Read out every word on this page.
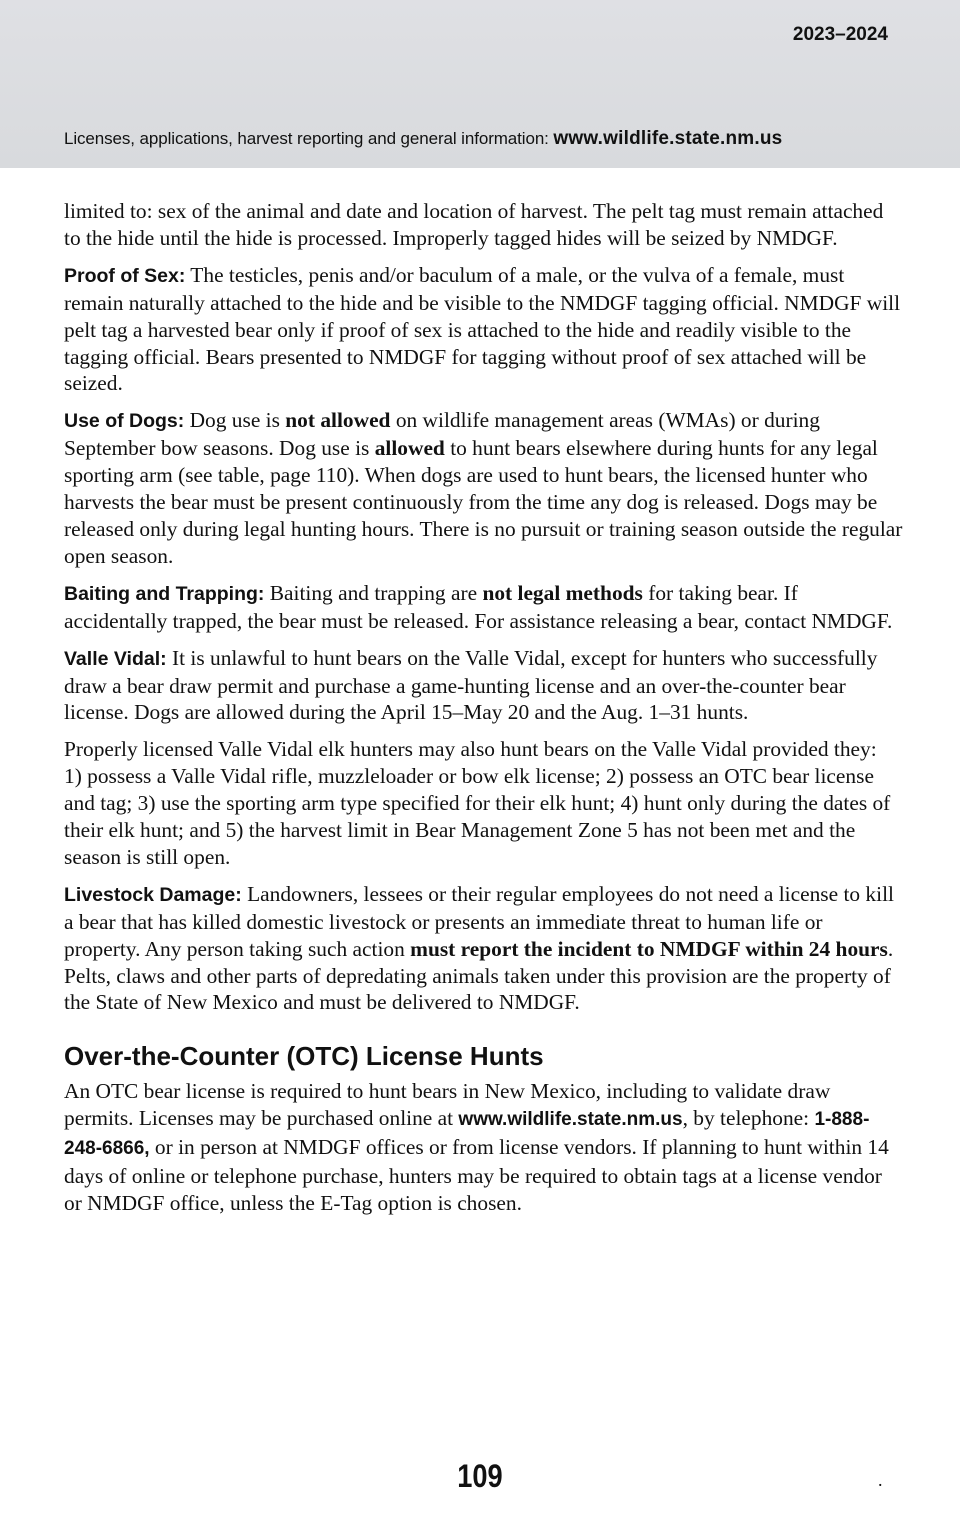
2023–2024
Licenses, applications, harvest reporting and general information: www.wildlife.state.nm.us

limited to: sex of the animal and date and location of harvest. The pelt tag must remain attached to the hide until the hide is processed. Improperly tagged hides will be seized by NMDGF.

Proof of Sex: The testicles, penis and/or baculum of a male, or the vulva of a female, must remain naturally attached to the hide and be visible to the NMDGF tagging official. NMDGF will pelt tag a harvested bear only if proof of sex is attached to the hide and readily visible to the tagging official. Bears presented to NMDGF for tagging without proof of sex attached will be seized.

Use of Dogs: Dog use is not allowed on wildlife management areas (WMAs) or during September bow seasons. Dog use is allowed to hunt bears elsewhere during hunts for any legal sporting arm (see table, page 110). When dogs are used to hunt bears, the licensed hunter who harvests the bear must be present continuously from the time any dog is released. Dogs may be released only during legal hunting hours. There is no pursuit or training season outside the regular open season.

Baiting and Trapping: Baiting and trapping are not legal methods for taking bear. If accidentally trapped, the bear must be released. For assistance releasing a bear, contact NMDGF.

Valle Vidal: It is unlawful to hunt bears on the Valle Vidal, except for hunters who successfully draw a bear draw permit and purchase a game-hunting license and an over-the-counter bear license. Dogs are allowed during the April 15–May 20 and the Aug. 1–31 hunts.

Properly licensed Valle Vidal elk hunters may also hunt bears on the Valle Vidal provided they:
1) possess a Valle Vidal rifle, muzzleloader or bow elk license; 2) possess an OTC bear license and tag; 3) use the sporting arm type specified for their elk hunt; 4) hunt only during the dates of their elk hunt; and 5) the harvest limit in Bear Management Zone 5 has not been met and the season is still open.

Livestock Damage: Landowners, lessees or their regular employees do not need a license to kill a bear that has killed domestic livestock or presents an immediate threat to human life or property. Any person taking such action must report the incident to NMDGF within 24 hours. Pelts, claws and other parts of depredating animals taken under this provision are the property of the State of New Mexico and must be delivered to NMDGF.

Over-the-Counter (OTC) License Hunts

An OTC bear license is required to hunt bears in New Mexico, including to validate draw permits. Licenses may be purchased online at www.wildlife.state.nm.us, by telephone: 1-888-248-6866, or in person at NMDGF offices or from license vendors. If planning to hunt within 14 days of online or telephone purchase, hunters may be required to obtain tags at a license vendor or NMDGF office, unless the E-Tag option is chosen.

109	.
